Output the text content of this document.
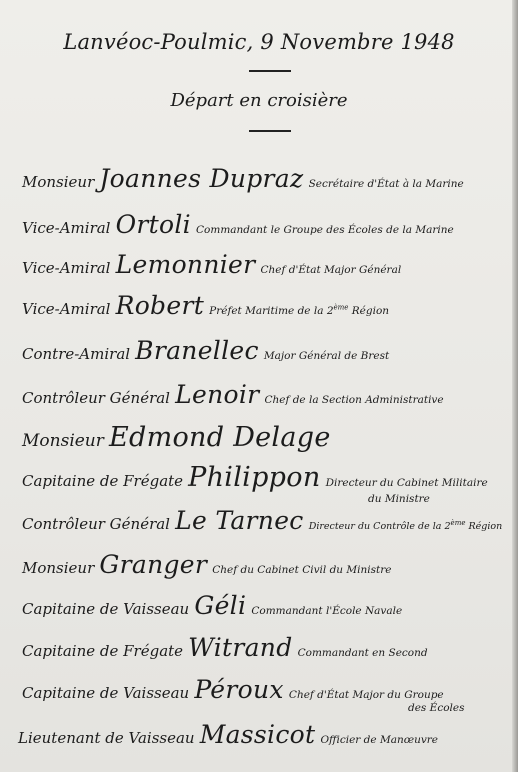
Lanvéoc-Poulmic, 9 Novembre 1948
Départ en croisière
Monsieur Joannes Dupraz Secrétaire d'État à la Marine
Vice-Amiral Ortoli Commandant le Groupe des Écoles de la Marine
Vice-Amiral Lemonnier Chef d'État Major Général
Vice-Amiral Robert Préfet Maritime de la 2ème Région
Contre-Amiral Branellec Major Général de Brest
Contrôleur Général Lenoir Chef de la Section Administrative
Monsieur Edmond Delage
Capitaine de Frégate Philippon Directeur du Cabinet Militaire
du Ministre
Contrôleur Général Le Tarnec Directeur du Contrôle de la 2ème Région
Monsieur Granger Chef du Cabinet Civil du Ministre
Capitaine de Vaisseau Géli Commandant l'École Navale
Capitaine de Frégate Witrand Commandant en Second
Capitaine de Vaisseau Péroux Chef d'État Major du Groupe
des Écoles
Lieutenant de Vaisseau Massicot Officier de Manœuvre
